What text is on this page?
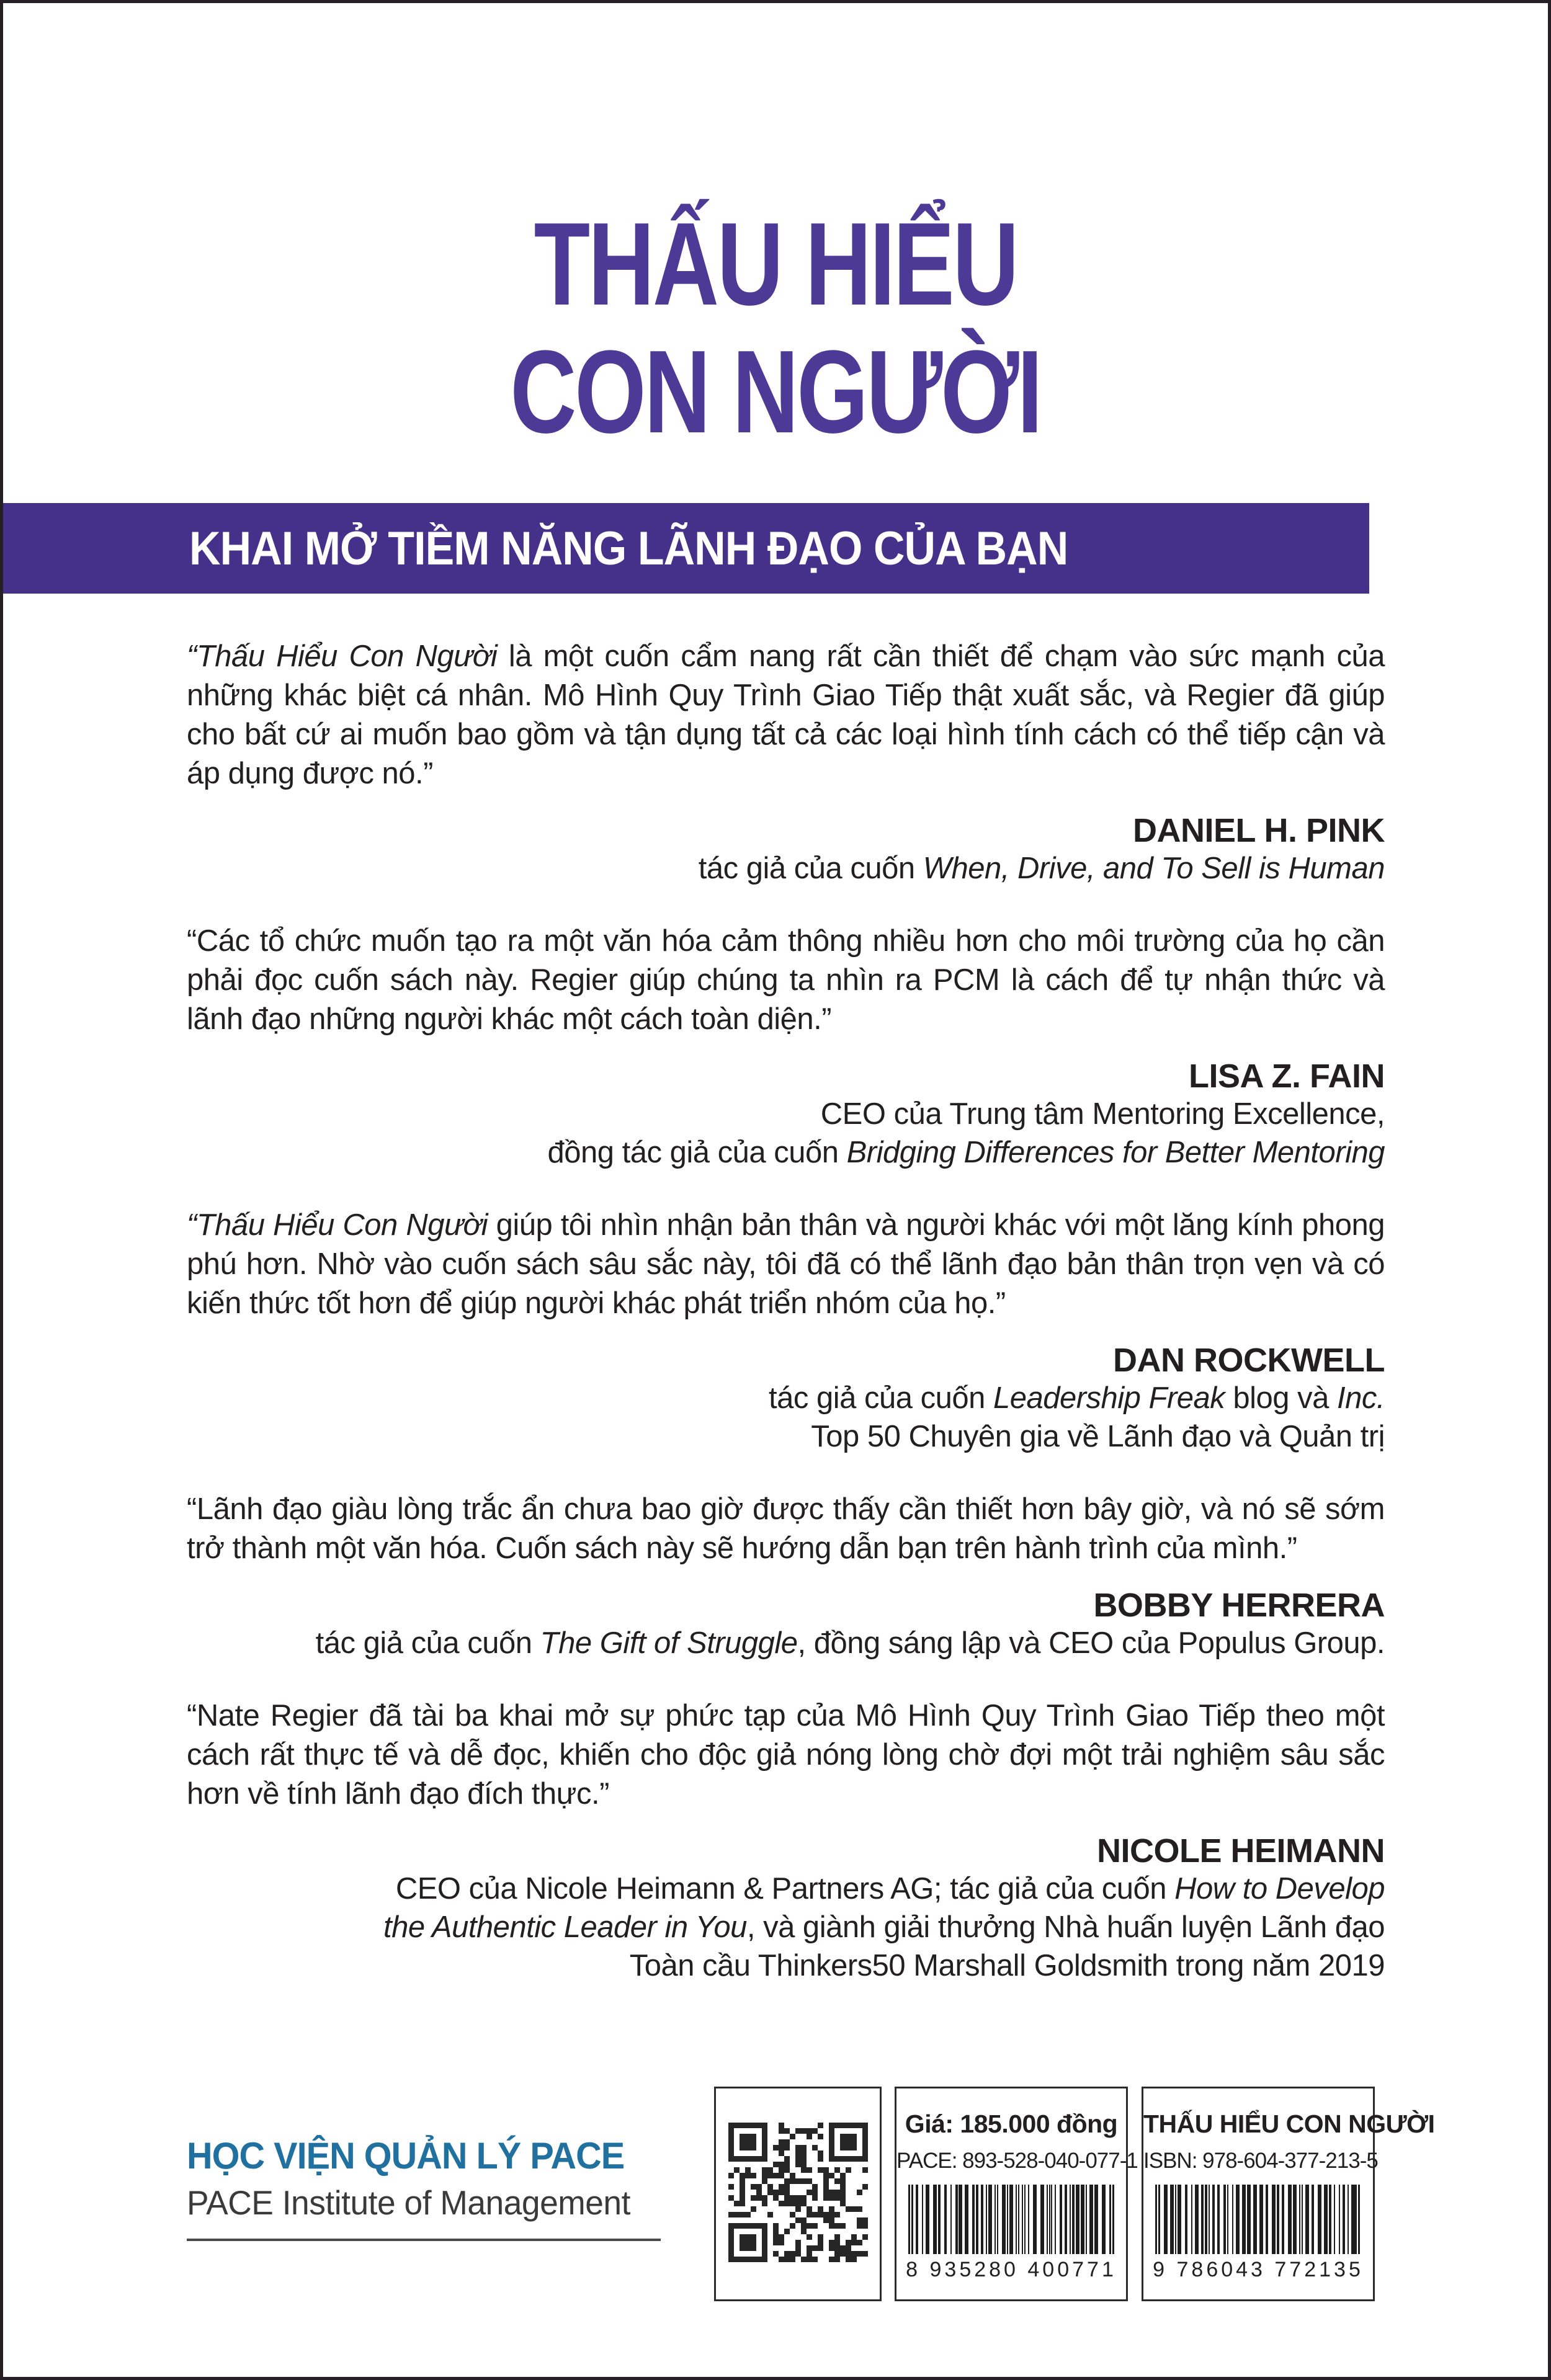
THẤU HIỂU
CON NGƯỜI
KHAI MỞ TIỀM NĂNG LÃNH ĐẠO CỦA BẠN

“Thấu Hiểu Con Người là một cuốn cẩm nang rất cần thiết để chạm vào sức mạnh của những khác biệt cá nhân. Mô Hình Quy Trình Giao Tiếp thật xuất sắc, và Regier đã giúp cho bất cứ ai muốn bao gồm và tận dụng tất cả các loại hình tính cách có thể tiếp cận và áp dụng được nó.”

DANIEL H. PINK
tác giả của cuốn When, Drive, and To Sell is Human

“Các tổ chức muốn tạo ra một văn hóa cảm thông nhiều hơn cho môi trường của họ cần phải đọc cuốn sách này. Regier giúp chúng ta nhìn ra PCM là cách để tự nhận thức và lãnh đạo những người khác một cách toàn diện.”

LISA Z. FAIN
CEO của Trung tâm Mentoring Excellence,
đồng tác giả của cuốn Bridging Differences for Better Mentoring

“Thấu Hiểu Con Người giúp tôi nhìn nhận bản thân và người khác với một lăng kính phong phú hơn. Nhờ vào cuốn sách sâu sắc này, tôi đã có thể lãnh đạo bản thân trọn vẹn và có kiến thức tốt hơn để giúp người khác phát triển nhóm của họ.”

DAN ROCKWELL
tác giả của cuốn Leadership Freak blog và Inc.
Top 50 Chuyên gia về Lãnh đạo và Quản trị

“Lãnh đạo giàu lòng trắc ẩn chưa bao giờ được thấy cần thiết hơn bây giờ, và nó sẽ sớm trở thành một văn hóa. Cuốn sách này sẽ hướng dẫn bạn trên hành trình của mình.”

BOBBY HERRERA
tác giả của cuốn The Gift of Struggle, đồng sáng lập và CEO của Populus Group.

“Nate Regier đã tài ba khai mở sự phức tạp của Mô Hình Quy Trình Giao Tiếp theo một cách rất thực tế và dễ đọc, khiến cho độc giả nóng lòng chờ đợi một trải nghiệm sâu sắc hơn về tính lãnh đạo đích thực.”

NICOLE HEIMANN
CEO của Nicole Heimann & Partners AG; tác giả của cuốn How to Develop
the Authentic Leader in You, và giành giải thưởng Nhà huấn luyện Lãnh đạo
Toàn cầu Thinkers50 Marshall Goldsmith trong năm 2019
HỌC VIỆN QUẢN LÝ PACE
PACE Institute of Management
Giá: 185.000 đồng
PACE: 893-528-040-077-1
8 935280 400771
THẤU HIỂU CON NGƯỜI
ISBN: 978-604-377-213-5
9 786043 772135
